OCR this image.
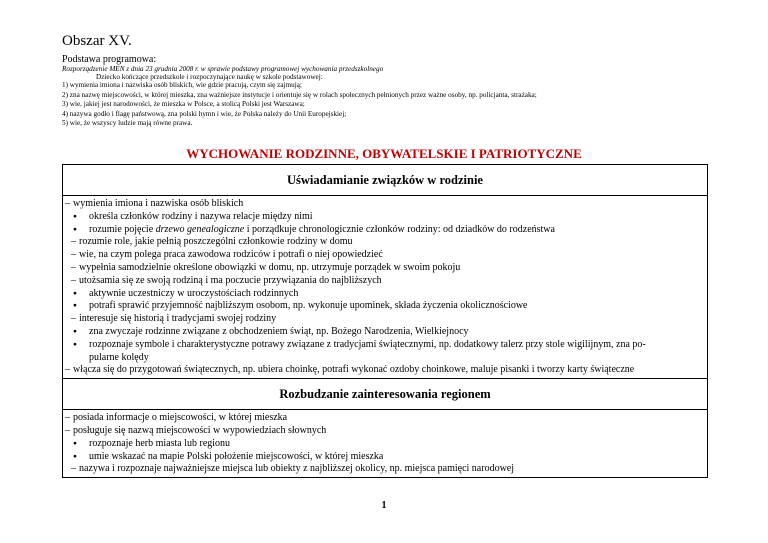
Obszar XV.
Podstawa programowa:
Rozporządzenie MEN z dnia 23 grudnia 2008 r. w sprawie podstawy programowej wychowania przedszkolnego
Dziecko kończące przedszkole i rozpoczynające naukę w szkole podstawowej:
1) wymienia imiona i nazwiska osób bliskich, wie gdzie pracują, czym się zajmują;
2) zna nazwę miejscowości, w której mieszka, zna ważniejsze instytucje i orientuje się w rolach społecznych pełnionych przez ważne osoby, np. policjanta, strażaka;
3) wie, jakiej jest narodowości, że mieszka w Polsce, a stolicą Polski jest Warszawa;
4) nazywa godło i flagę państwową, zna polski hymn i wie, że Polska należy do Unii Europejskiej;
5) wie, że wszyscy ludzie mają równe prawa.
WYCHOWANIE RODZINNE, OBYWATELSKIE I PATRIOTYCZNE
Uświadamianie związków w rodzinie

– wymienia imiona i nazwiska osób bliskich
●	określa członków rodziny i nazywa relacje między nimi
●	rozumie pojęcie drzewo genealogiczne i porządkuje chronologicznie członków rodziny: od dziadków do rodzeństwa
– rozumie role, jakie pełnią poszczególni członkowie rodziny w domu
– wie, na czym polega praca zawodowa rodziców i potrafi o niej opowiedzieć
– wypełnia samodzielnie określone obowiązki w domu, np. utrzymuje porządek w swoim pokoju
– utożsamia się ze swoją rodziną i ma poczucie przywiązania do najbliższych
●	aktywnie uczestniczy w uroczystościach rodzinnych
●	potrafi sprawić przyjemność najbliższym osobom, np. wykonuje upominek, składa życzenia okolicznościowe
– interesuje się historią i tradycjami swojej rodziny
●	zna zwyczaje rodzinne związane z obchodzeniem świąt, np. Bożego Narodzenia, Wielkiejnocy
●	rozpoznaje symbole i charakterystyczne potrawy związane z tradycjami świątecznymi, np. dodatkowy talerz przy stole wigilijnym, zna po-
pularne kolędy
– włącza się do przygotowań świątecznych, np. ubiera choinkę, potrafi wykonać ozdoby choinkowe, maluje pisanki i tworzy karty świąteczne

Rozbudzanie zainteresowania regionem

– posiada informacje o miejscowości, w której mieszka
– posługuje się nazwą miejscowości w wypowiedziach słownych
●	rozpoznaje herb miasta lub regionu
●	umie wskazać na mapie Polski położenie miejscowości, w której mieszka
– nazywa i rozpoznaje najważniejsze miejsca lub obiekty z najbliższej okolicy, np. miejsca pamięci narodowej
1
